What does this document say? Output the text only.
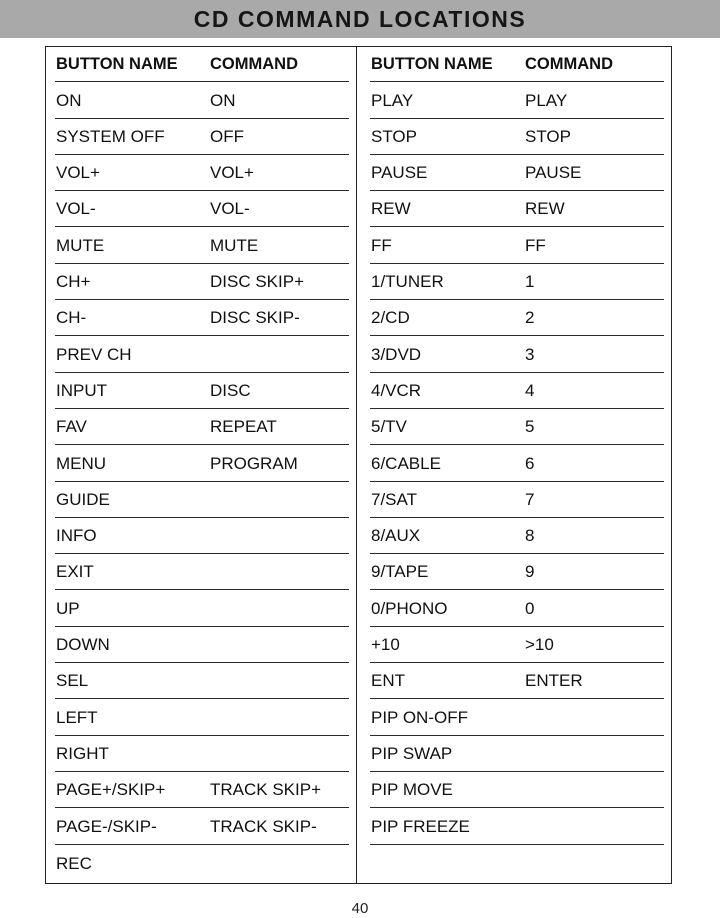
CD COMMAND LOCATIONS
BUTTON NAME COMMAND
ON	ON
SYSTEM OFF	OFF
VOL+	VOL+
VOL-	VOL-
MUTE	MUTE
CH+	DISC SKIP+
CH-	DISC SKIP-
PREV CH
INPUT	DISC
FAV	REPEAT
MENU	PROGRAM
GUIDE
INFO
EXIT
UP
DOWN
SEL
LEFT
RIGHT
PAGE+/SKIP+	TRACK SKIP+
PAGE-/SKIP-	TRACK SKIP-
REC
BUTTON NAME COMMAND
PLAY	PLAY
STOP	STOP
PAUSE	PAUSE
REW	REW
FF	FF
1/TUNER	1
2/CD	2
3/DVD	3
4/VCR	4
5/TV	5
6/CABLE	6
7/SAT	7
8/AUX	8
9/TAPE	9
0/PHONO	0
+10	>10
ENT	ENTER
PIP ON-OFF
PIP SWAP
PIP MOVE
PIP FREEZE
40
